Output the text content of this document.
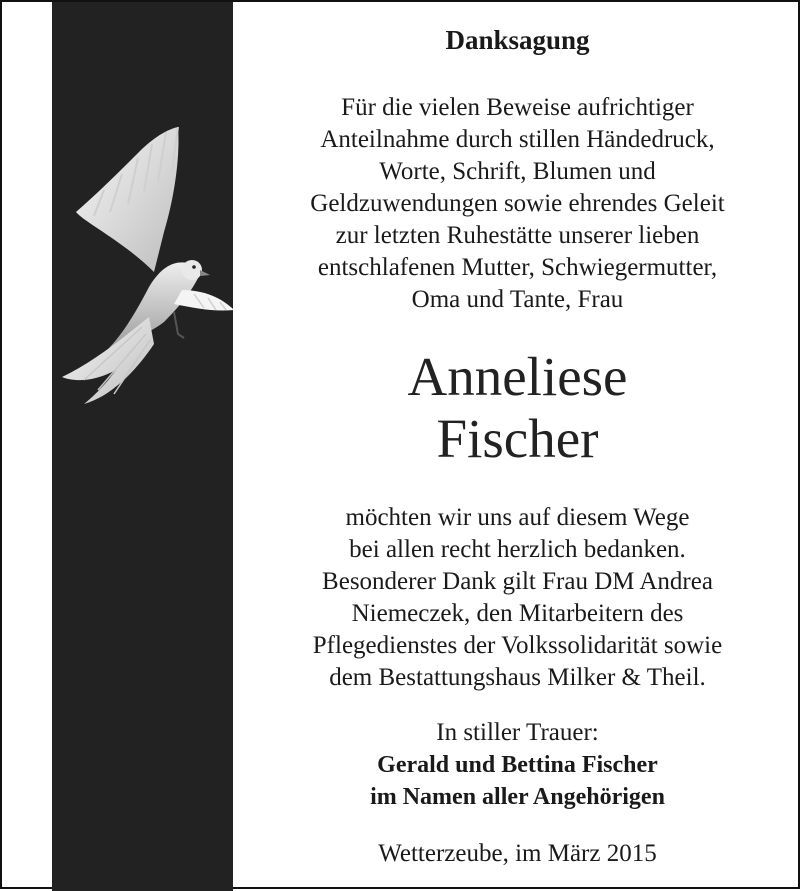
Danksagung
Für die vielen Beweise aufrichtiger
Anteilnahme durch stillen Händedruck,
Worte, Schrift, Blumen und
Geldzuwendungen sowie ehrendes Geleit
zur letzten Ruhestätte unserer lieben
entschlafenen Mutter, Schwiegermutter,
Oma und Tante, Frau
Anneliese
Fischer
möchten wir uns auf diesem Wege
bei allen recht herzlich bedanken.
Besonderer Dank gilt Frau DM Andrea
Niemeczek, den Mitarbeitern des
Pflegedienstes der Volkssolidarität sowie
dem Bestattungshaus Milker & Theil.
In stiller Trauer:
Gerald und Bettina Fischer
im Namen aller Angehörigen
Wetterzeube, im März 2015
